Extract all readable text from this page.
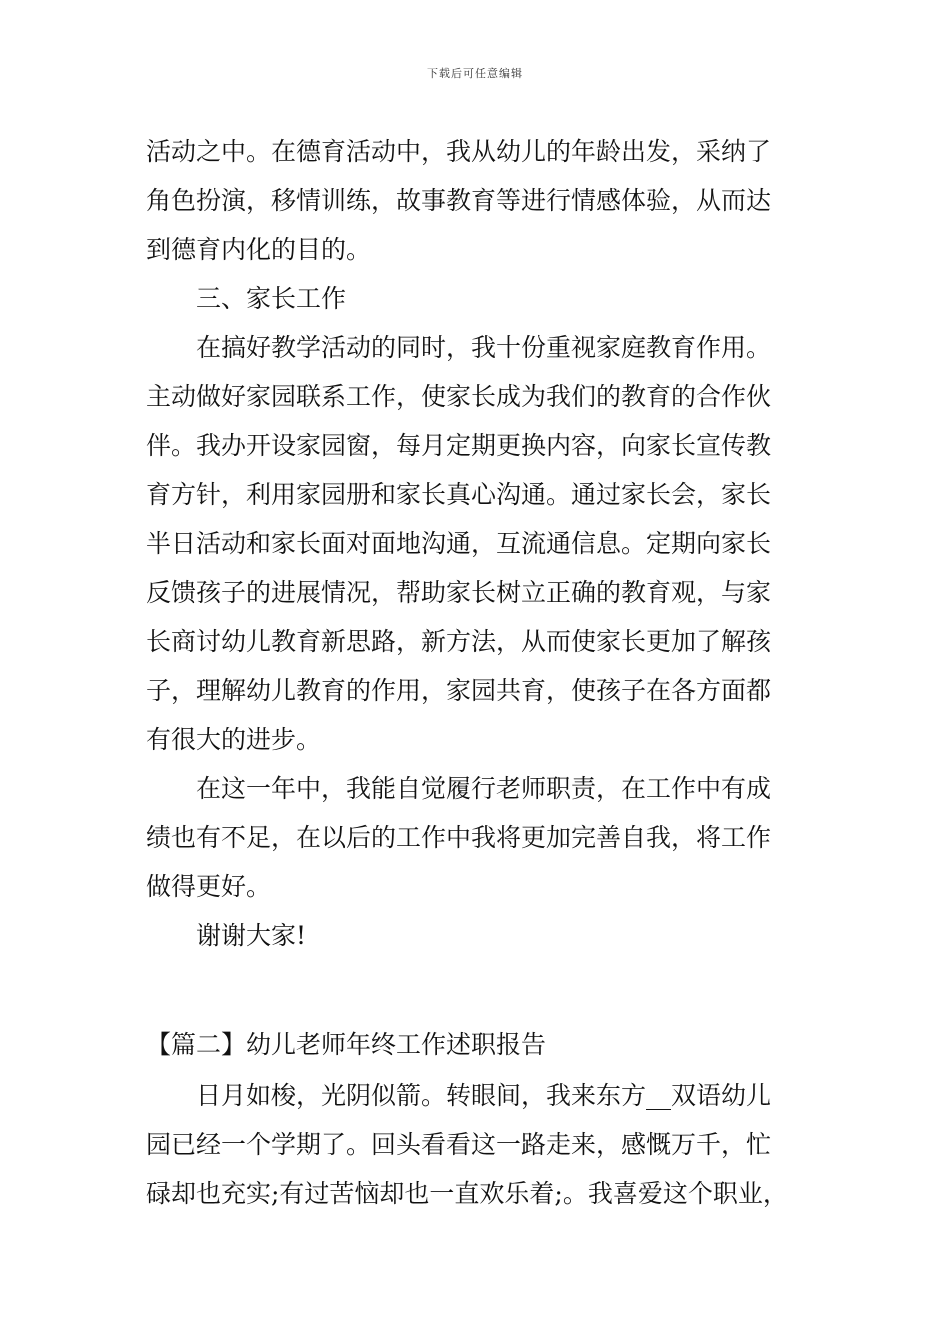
下载后可任意编辑
活动之中。在德育活动中，我从幼儿的年龄出发，采纳了
角色扮演，移情训练，故事教育等进行情感体验，从而达
到德育内化的目的。
三、家长工作
在搞好教学活动的同时，我十份重视家庭教育作用。
主动做好家园联系工作，使家长成为我们的教育的合作伙
伴。我办开设家园窗，每月定期更换内容，向家长宣传教
育方针，利用家园册和家长真心沟通。通过家长会，家长
半日活动和家长面对面地沟通，互流通信息。定期向家长
反馈孩子的进展情况，帮助家长树立正确的教育观，与家
长商讨幼儿教育新思路，新方法，从而使家长更加了解孩
子，理解幼儿教育的作用，家园共育，使孩子在各方面都
有很大的进步。
在这一年中，我能自觉履行老师职责，在工作中有成
绩也有不足，在以后的工作中我将更加完善自我，将工作
做得更好。
谢谢大家!
【篇二】幼儿老师年终工作述职报告
日月如梭，光阴似箭。转眼间，我来东方__双语幼儿
园已经一个学期了。回头看看这一路走来，感慨万千，忙
碌却也充实;有过苦恼却也一直欢乐着;。我喜爱这个职业，
